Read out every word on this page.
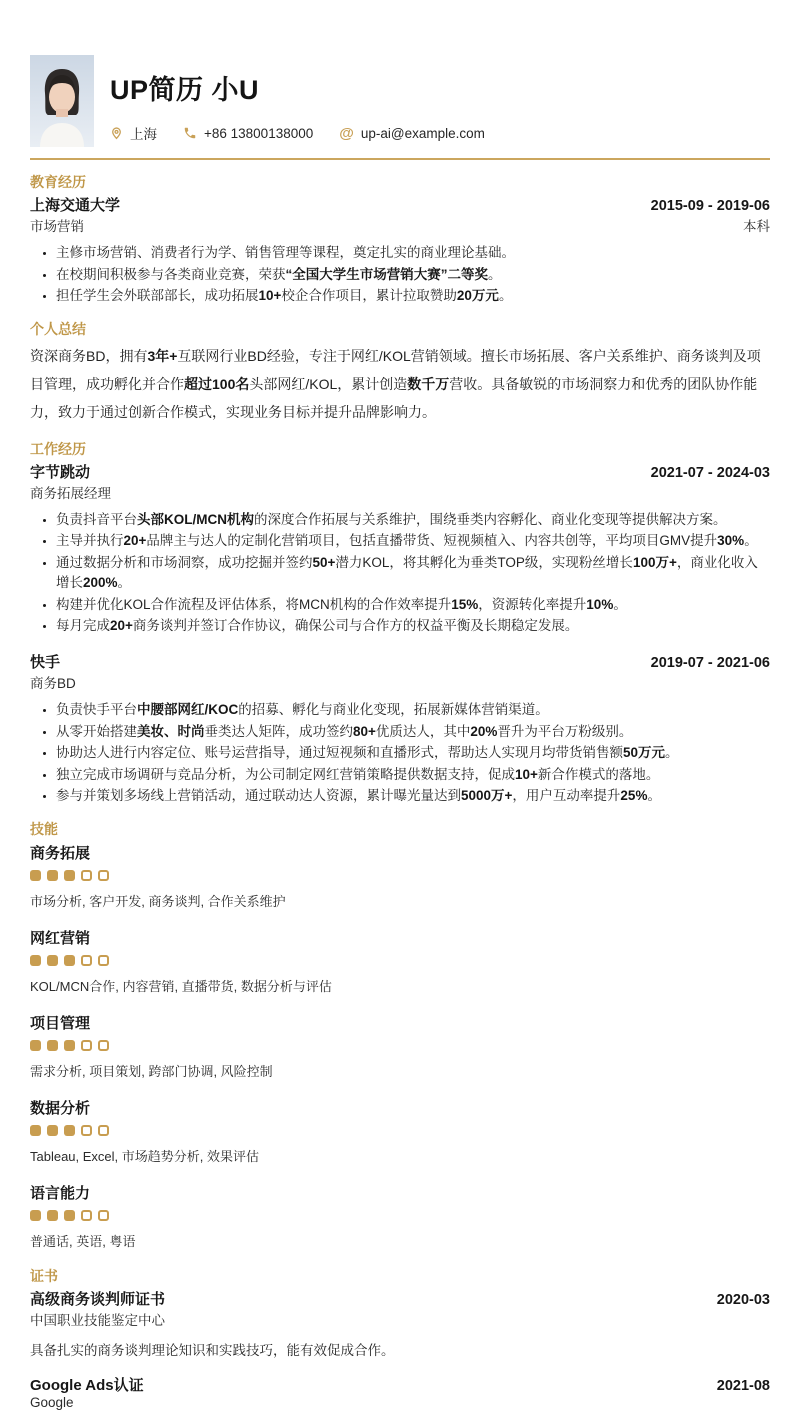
UP简历 小U
上海	+86 13800138000 @ up-ai@example.com
教育经历
上海交通大学	2015-09 - 2019-06
市场营销	本科
• 主修市场营销、消费者行为学、销售管理等课程，奠定扎实的商业理论基础。
• 在校期间积极参与各类商业竞赛，荣获“全国大学生市场营销大赛”二等奖。
• 担任学生会外联部部长，成功拓展10+校企合作项目，累计拉取赞助20万元。
个人总结

资深商务BD，拥有3年+互联网行业BD经验，专注于网红/KOL营销领域。擅长市场拓展、客户关系维护、商务谈判及项目管理，成功孵化并合作超过100名头部网红/KOL，累计创造数千万营收。具备敏锐的市场洞察力和优秀的团队协作能力，致力于通过创新合作模式，实现业务目标并提升品牌影响力。

工作经历
字节跳动	2021-07 - 2024-03
商务拓展经理
• 负责抖音平台头部KOL/MCN机构的深度合作拓展与关系维护，围绕垂类内容孵化、商业化变现等提供解决方案。
• 主导并执行20+品牌主与达人的定制化营销项目，包括直播带货、短视频植入、内容共创等，平均项目GMV提升30%。
• 通过数据分析和市场洞察，成功挖掘并签约50+潜力KOL，将其孵化为垂类TOP级，实现粉丝增长100万+，商业化收入增长200%。
• 构建并优化KOL合作流程及评估体系，将MCN机构的合作效率提升15%，资源转化率提升10%。
• 每月完成20+商务谈判并签订合作协议，确保公司与合作方的权益平衡及长期稳定发展。
快手	2019-07 - 2021-06
商务BD
• 负责快手平台中腰部网红/KOC的招募、孵化与商业化变现，拓展新媒体营销渠道。
• 从零开始搭建美妆、时尚垂类达人矩阵，成功签约80+优质达人，其中20%晋升为平台万粉级别。
• 协助达人进行内容定位、账号运营指导，通过短视频和直播形式，帮助达人实现月均带货销售额50万元。
• 独立完成市场调研与竞品分析，为公司制定网红营销策略提供数据支持，促成10+新合作模式的落地。
• 参与并策划多场线上营销活动，通过联动达人资源，累计曝光量达到5000万+，用户互动率提升25%。
技能
商务拓展
市场分析, 客户开发, 商务谈判, 合作关系维护
网红营销
KOL/MCN合作, 内容营销, 直播带货, 数据分析与评估
项目管理
需求分析, 项目策划, 跨部门协调, 风险控制
数据分析
Tableau, Excel, 市场趋势分析, 效果评估
语言能力
普通话, 英语, 粤语
证书
高级商务谈判师证书	2020-03
中国职业技能鉴定中心
具备扎实的商务谈判理论知识和实践技巧，能有效促成合作。
Google Ads认证	2021-08
Google
